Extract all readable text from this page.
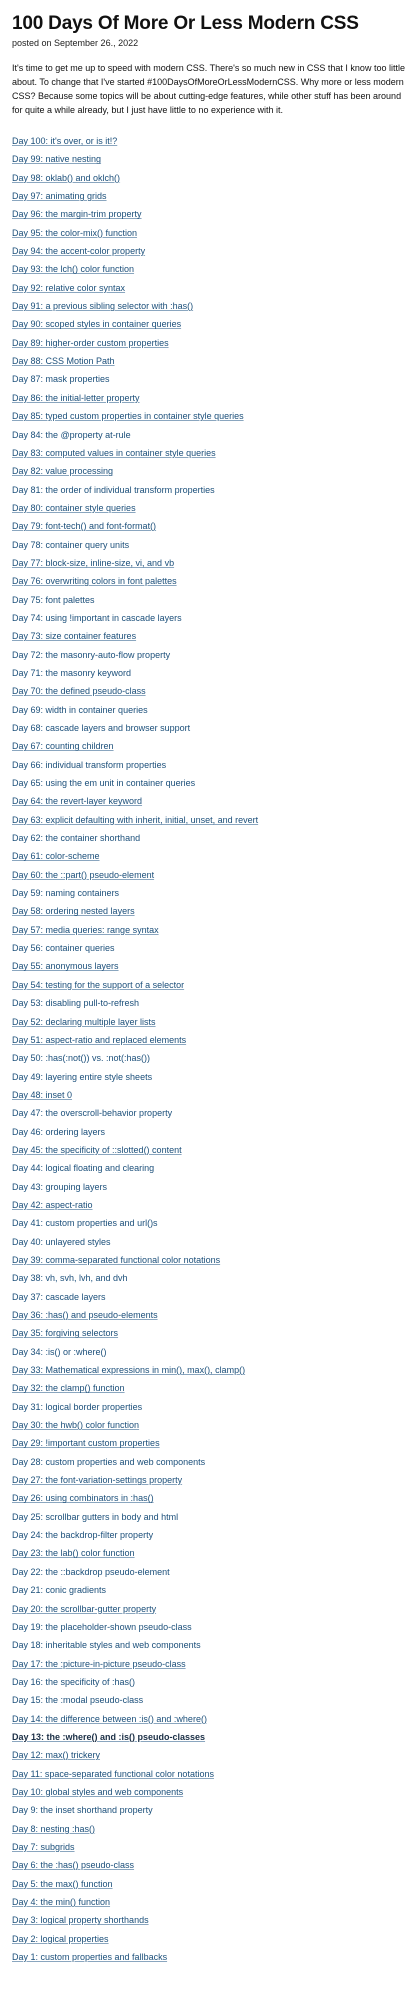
100 Days Of More Or Less Modern CSS

posted on September 26., 2022

It's time to get me up to speed with modern CSS. There's so much new in CSS that I know too little about. To change that I've started #100DaysOfMoreOrLessModernCSS. Why more or less modern CSS? Because some topics will be about cutting-edge features, while other stuff has been around for quite a while already, but I just have little to no experience with it.

Day 100: it's over, or is it!?
Day 99: native nesting
Day 98: oklab() and oklch()
Day 97: animating grids
Day 96: the margin-trim property
Day 95: the color-mix() function
Day 94: the accent-color property
Day 93: the lch() color function
Day 92: relative color syntax
Day 91: a previous sibling selector with :has()
Day 90: scoped styles in container queries
Day 89: higher-order custom properties
Day 88: CSS Motion Path
Day 87: mask properties
Day 86: the initial-letter property
Day 85: typed custom properties in container style queries
Day 84: the @property at-rule
Day 83: computed values in container style queries
Day 82: value processing
Day 81: the order of individual transform properties
Day 80: container style queries
Day 79: font-tech() and font-format()
Day 78: container query units
Day 77: block-size, inline-size, vi, and vb
Day 76: overwriting colors in font palettes
Day 75: font palettes
Day 74: using !important in cascade layers
Day 73: size container features
Day 72: the masonry-auto-flow property
Day 71: the masonry keyword
Day 70: the defined pseudo-class
Day 69: width in container queries
Day 68: cascade layers and browser support
Day 67: counting children
Day 66: individual transform properties
Day 65: using the em unit in container queries
Day 64: the revert-layer keyword
Day 63: explicit defaulting with inherit, initial, unset, and revert
Day 62: the container shorthand
Day 61: color-scheme
Day 60: the ::part() pseudo-element
Day 59: naming containers
Day 58: ordering nested layers
Day 57: media queries: range syntax
Day 56: container queries
Day 55: anonymous layers
Day 54: testing for the support of a selector
Day 53: disabling pull-to-refresh
Day 52: declaring multiple layer lists
Day 51: aspect-ratio and replaced elements
Day 50: :has(:not()) vs. :not(:has())
Day 49: layering entire style sheets
Day 48: inset 0
Day 47: the overscroll-behavior property
Day 46: ordering layers
Day 45: the specificity of ::slotted() content
Day 44: logical floating and clearing
Day 43: grouping layers
Day 42: aspect-ratio
Day 41: custom properties and url()s
Day 40: unlayered styles
Day 39: comma-separated functional color notations
Day 38: vh, svh, lvh, and dvh
Day 37: cascade layers
Day 36: :has() and pseudo-elements
Day 35: forgiving selectors
Day 34: :is() or :where()
Day 33: Mathematical expressions in min(), max(), clamp()
Day 32: the clamp() function
Day 31: logical border properties
Day 30: the hwb() color function
Day 29: !important custom properties
Day 28: custom properties and web components
Day 27: the font-variation-settings property
Day 26: using combinators in :has()
Day 25: scrollbar gutters in body and html
Day 24: the backdrop-filter property
Day 23: the lab() color function
Day 22: the ::backdrop pseudo-element
Day 21: conic gradients
Day 20: the scrollbar-gutter property
Day 19: the placeholder-shown pseudo-class
Day 18: inheritable styles and web components
Day 17: the :picture-in-picture pseudo-class
Day 16: the specificity of :has()
Day 15: the :modal pseudo-class
Day 14: the difference between :is() and :where()
Day 13: the :where() and :is() pseudo-classes
Day 12: max() trickery
Day 11: space-separated functional color notations
Day 10: global styles and web components
Day 9: the inset shorthand property
Day 8: nesting :has()
Day 7: subgrids
Day 6: the :has() pseudo-class
Day 5: the max() function
Day 4: the min() function
Day 3: logical property shorthands
Day 2: logical properties
Day 1: custom properties and fallbacks
